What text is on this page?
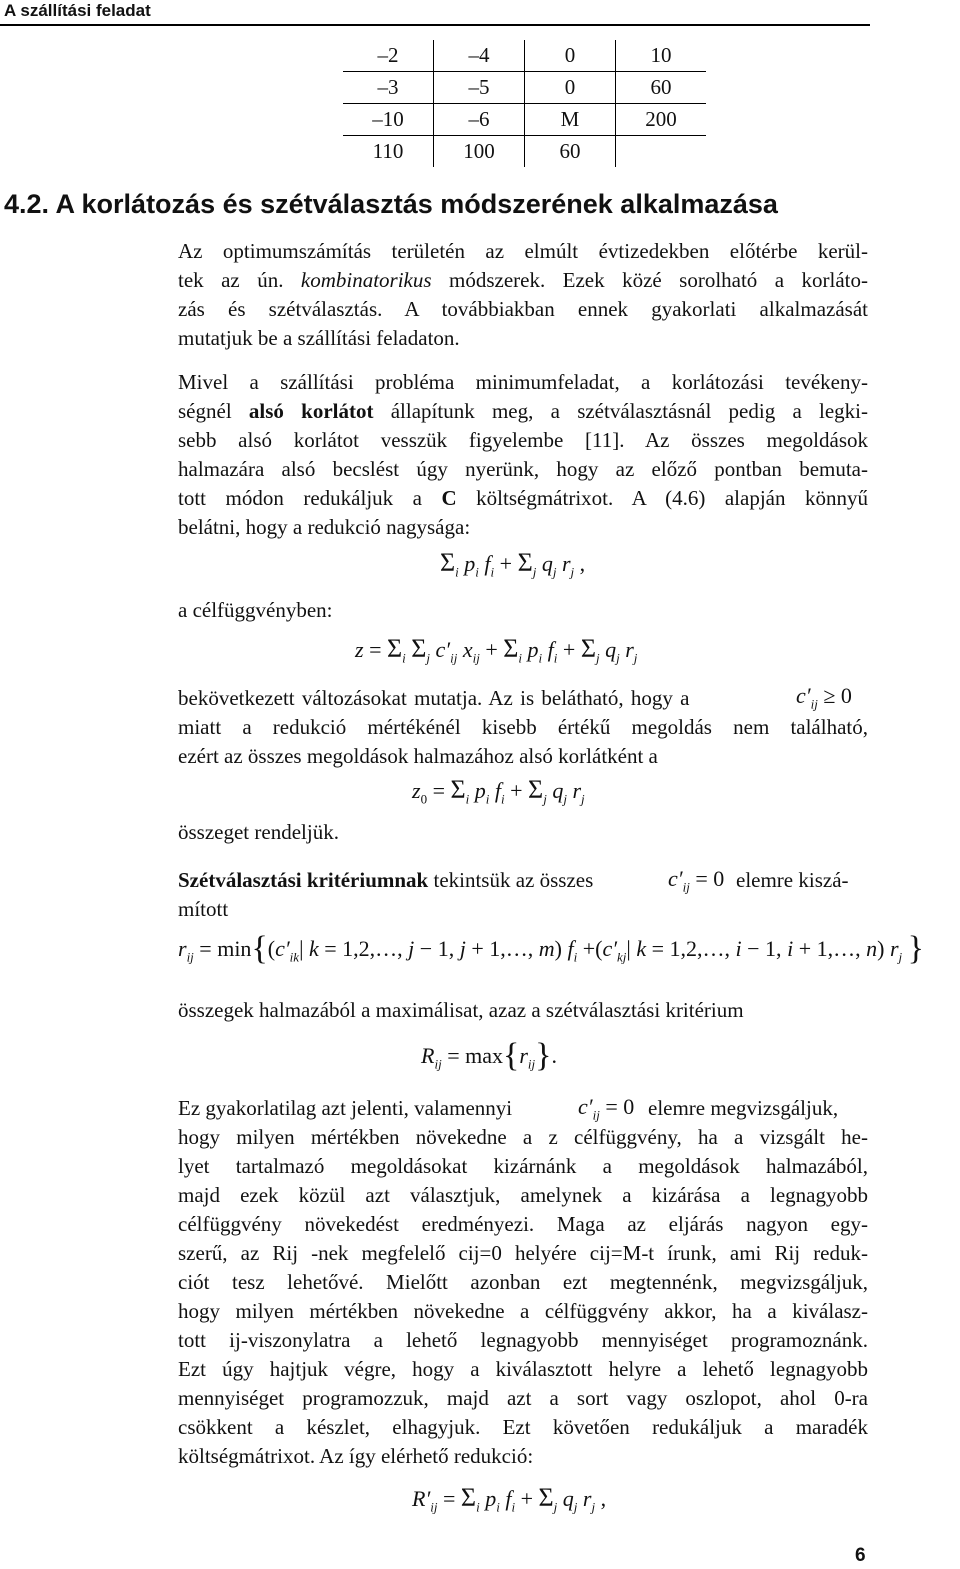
A szállítási feladat
–2	–4	0	10
–3	–5	0	60
–10	–6	M	200
110	100	60	
4.2. A korlátozás és szétválasztás módszerének alkalmazása
Az optimumszámítás területén az elmúlt évtizedekben előtérbe kerül-
tek az ún. kombinatorikus módszerek. Ezek közé sorolható a korláto-
zás és szétválasztás. A továbbiakban ennek gyakorlati alkalmazását
mutatjuk be a szállítási feladaton.
Mivel a szállítási probléma minimumfeladat, a korlátozási tevékeny-
ségnél alsó korlátot állapítunk meg, a szétválasztásnál pedig a legki-
sebb alsó korlátot vesszük figyelembe [11]. Az összes megoldások
halmazára alsó becslést úgy nyerünk, hogy az előző pontban bemuta-
tott módon redukáljuk a C költségmátrixot. A (4.6) alapján könnyű
belátni, hogy a redukció nagysága:
$\Sigma_i$ $p_i$ $f_i + \Sigma_j$ $q_j$ $r_j$ ,
a célfüggvényben:
$z = \Sigma_i$ $\Sigma_j$ $c'_{ij}$ $x_{ij} + \Sigma_i$ $p_i$ $f_i + \Sigma_j$ $q_j$ $r_j$
bekövetkezett változásokat mutatja. Az is belátható, hogy a	$c'_{ij} \ge 0$
miatt a redukció mértékénél kisebb értékű megoldás nem található,
ezért az összes megoldások halmazához alsó korlátként a
$z_0 = \Sigma_i$ $p_i$ $f_i + \Sigma_j$ $q_j$ $r_j$
összeget rendeljük.
Szétválasztási kritériumnak tekintsük az összes	$c'_{ij} = 0$ elemre kiszá-
mított
$r_{ij} = \min\{(c'_{ik}|$ k = 1,2,…, j − 1, j + 1,…, m) $f_i +(c'_{kj}|$ k = 1,2,…, i − 1, i + 1,…, n) $r_j$ }
összegek halmazából a maximálisat, azaz a szétválasztási kritérium
$R_{ij} = \max\{r_{ij}\}$.
Ez gyakorlatilag azt jelenti, valamennyi	$c'_{ij} = 0$ elemre megvizsgáljuk,
hogy milyen mértékben növekedne a z célfüggvény, ha a vizsgált he-
lyet tartalmazó megoldásokat kizárnánk a megoldások halmazából,
majd ezek közül azt választjuk, amelynek a kizárása a legnagyobb
célfüggvény növekedést eredményezi. Maga az eljárás nagyon egy-
szerű, az Rij -nek megfelelő cij=0 helyére cij=M-t írunk, ami Rij reduk-
ciót tesz lehetővé. Mielőtt azonban ezt megtennénk, megvizsgáljuk,
hogy milyen mértékben növekedne a célfüggvény akkor, ha a kiválasz-
tott ij-viszonylatra a lehető legnagyobb mennyiséget programoznánk.
Ezt úgy hajtjuk végre, hogy a kiválasztott helyre a lehető legnagyobb
mennyiséget programozzuk, majd azt a sort vagy oszlopot, ahol 0-ra
csökkent a készlet, elhagyjuk. Ezt követően redukáljuk a maradék
költségmátrixot. Az így elérhető redukció:
$R'_{ij} = \Sigma_i$ $p_i$ $f_i + \Sigma_j$ $q_j$ $r_j$ ,
6
